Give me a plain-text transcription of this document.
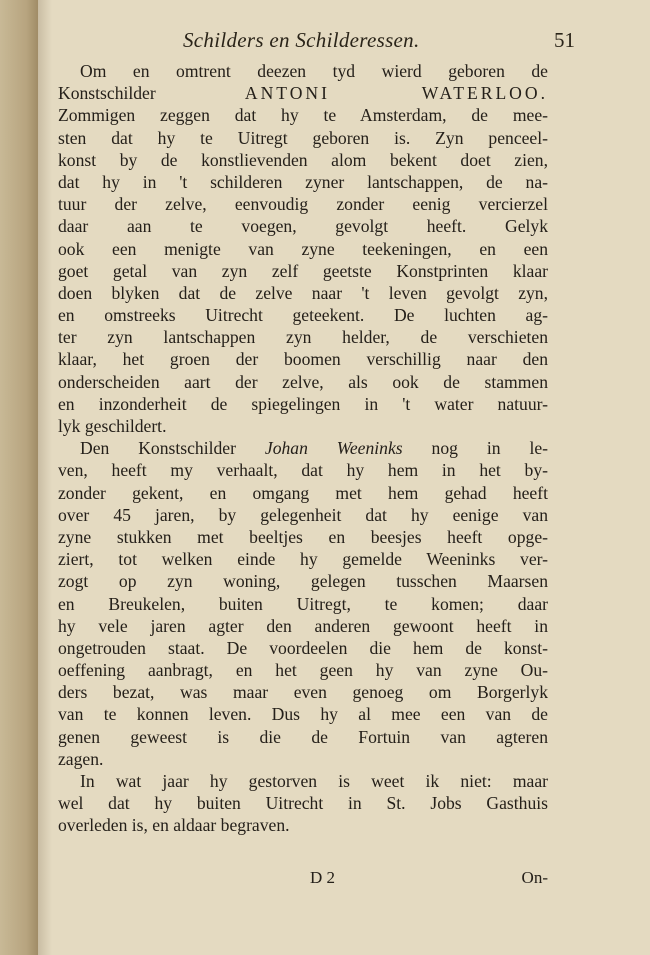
Schilders en Schilderessen.	51
Om en omtrent deezen tyd wierd geboren de
Konstschilder ANTONI WATERLOO.
Zommigen zeggen dat hy te Amsterdam, de mee-
sten dat hy te Uitregt geboren is. Zyn penceel-
konst by de konstlievenden alom bekent doet zien,
dat hy in 't schilderen zyner lantschappen, de na-
tuur der zelve, eenvoudig zonder eenig vercierzel
daar aan te voegen, gevolgt heeft. Gelyk
ook een menigte van zyne teekeningen, en een
goet getal van zyn zelf geetste Konstprinten klaar
doen blyken dat de zelve naar 't leven gevolgt zyn,
en omstreeks Uitrecht geteekent. De luchten ag-
ter zyn lantschappen zyn helder, de verschieten
klaar, het groen der boomen verschillig naar den
onderscheiden aart der zelve, als ook de stammen
en inzonderheit de spiegelingen in 't water natuur-
lyk geschildert.
Den Konstschilder Johan Weeninks nog in le-
ven, heeft my verhaalt, dat hy hem in het by-
zonder gekent, en omgang met hem gehad heeft
over 45 jaren, by gelegenheit dat hy eenige van
zyne stukken met beeltjes en beesjes heeft opge-
ziert, tot welken einde hy gemelde Weeninks ver-
zogt op zyn woning, gelegen tusschen Maarsen
en Breukelen, buiten Uitregt, te komen; daar
hy vele jaren agter den anderen gewoont heeft in
ongetrouden staat. De voordeelen die hem de konst-
oeffening aanbragt, en het geen hy van zyne Ou-
ders bezat, was maar even genoeg om Borgerlyk
van te konnen leven. Dus hy al mee een van de
genen geweest is die de Fortuin van agteren
zagen.
In wat jaar hy gestorven is weet ik niet: maar
wel dat hy buiten Uitrecht in St. Jobs Gasthuis
overleden is, en aldaar begraven.
D 2	On-
